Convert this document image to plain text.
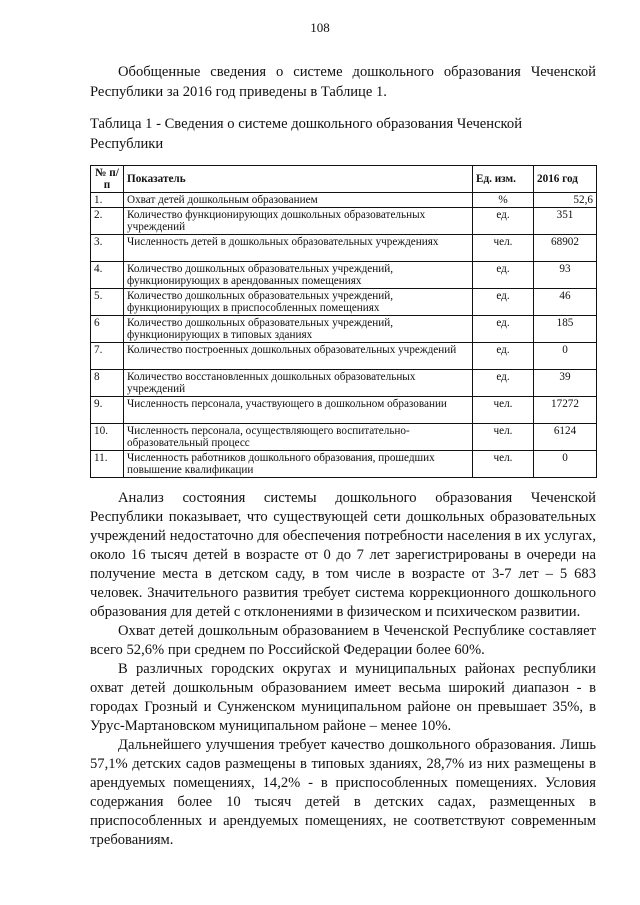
108

Обобщенные сведения о системе дошкольного образования Чеченской Республики за 2016 год приведены в Таблице 1.

Таблица 1 - Сведения о системе дошкольного образования Чеченской Республики

№ п/п	Показатель	Ед. изм.	2016 год
1.	Охват детей дошкольным образованием	%	52,6
2.	Количество функционирующих дошкольных образовательных учреждений	ед.	351
3.	Численность детей в дошкольных образовательных учреждениях	чел.	68902
4.	Количество дошкольных образовательных учреждений, функционирующих в арендованных помещениях	ед.	93
5.	Количество дошкольных образовательных учреждений, функционирующих в приспособленных помещениях	ед.	46
6	Количество дошкольных образовательных учреждений, функционирующих в типовых зданиях	ед.	185
7.	Количество построенных дошкольных образовательных учреждений	ед.	0
8	Количество восстановленных дошкольных образовательных учреждений	ед.	39
9.	Численность персонала, участвующего в дошкольном образовании	чел.	17272
10.	Численность персонала, осуществляющего воспитательно-образовательный процесс	чел.	6124
11.	Численность работников дошкольного образования, прошедших повышение квалификации	чел.	0

Анализ состояния системы дошкольного образования Чеченской Республики показывает, что существующей сети дошкольных образовательных учреждений недостаточно для обеспечения потребности населения в их услугах, около 16 тысяч детей в возрасте от 0 до 7 лет зарегистрированы в очереди на получение места в детском саду, в том числе в возрасте от 3-7 лет – 5 683 человек. Значительного развития требует система коррекционного дошкольного образования для детей с отклонениями в физическом и психическом развитии.

Охват детей дошкольным образованием в Чеченской Республике составляет всего 52,6% при среднем по Российской Федерации более 60%.

В различных городских округах и муниципальных районах республики охват детей дошкольным образованием имеет весьма широкий диапазон - в городах Грозный и Сунженском муниципальном районе он превышает 35%, в Урус-Мартановском муниципальном районе – менее 10%.

Дальнейшего улучшения требует качество дошкольного образования. Лишь 57,1% детских садов размещены в типовых зданиях, 28,7% из них размещены в арендуемых помещениях, 14,2% - в приспособленных помещениях. Условия содержания более 10 тысяч детей в детских садах, размещенных в приспособленных и арендуемых помещениях, не соответствуют современным требованиям.
